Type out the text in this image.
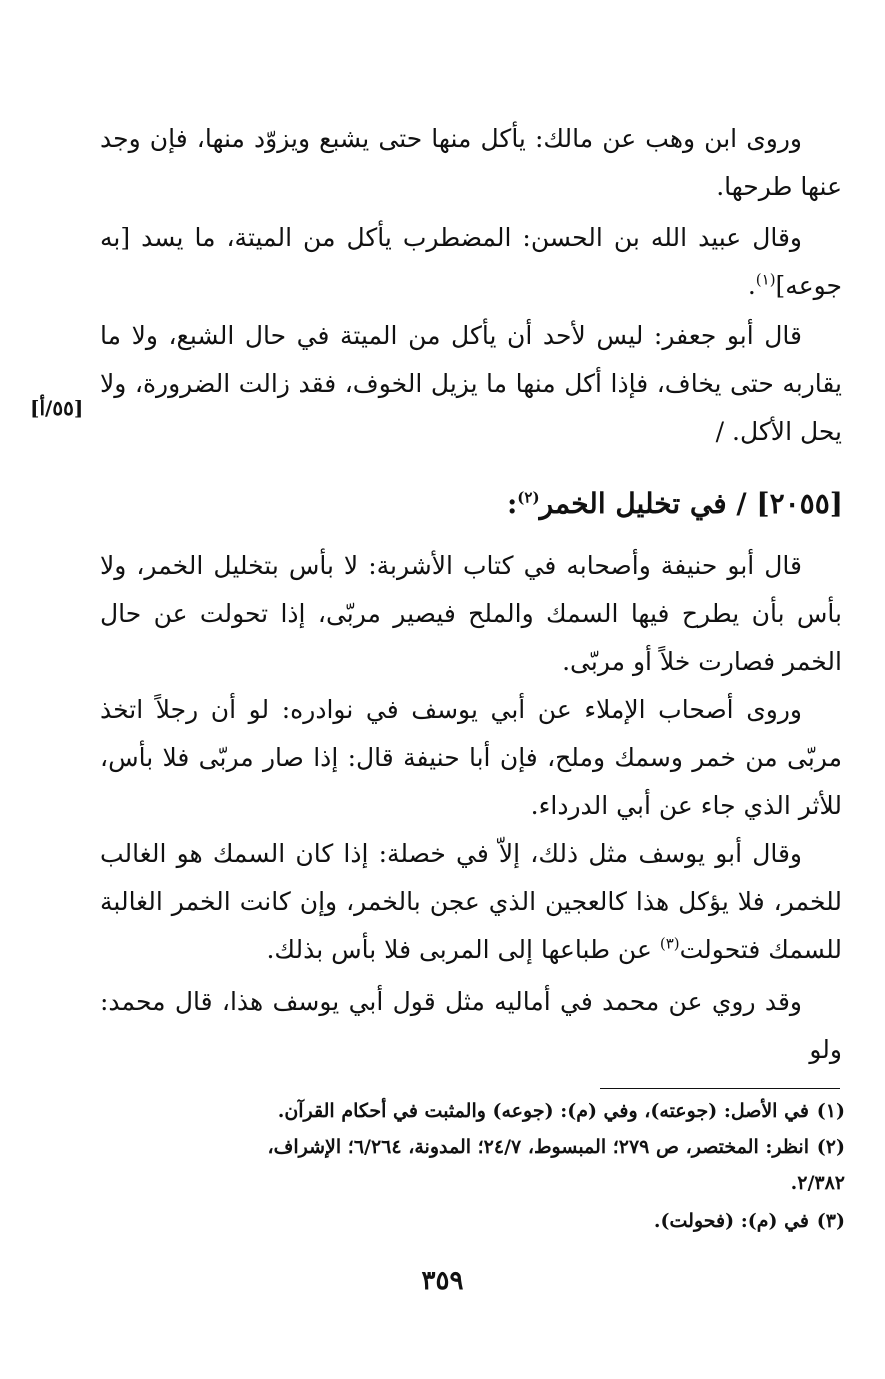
وروى ابن وهب عن مالك: يأكل منها حتى يشبع ويزوّد منها، فإن وجد عنها طرحها.

وقال عبيد الله بن الحسن: المضطرب يأكل من الميتة، ما يسد [به جوعه]$^{(١)}$.

قال أبو جعفر: ليس لأحد أن يأكل من الميتة في حال الشبع، ولا ما يقاربه حتى يخاف، فإذا أكل منها ما يزيل الخوف، فقد زالت الضرورة، ولا يحل الأكل. /

[٥٥/أ]
[٢٠٥٥] / في تخليل الخمر$^{(٢)}$:

قال أبو حنيفة وأصحابه في كتاب الأشربة: لا بأس بتخليل الخمر، ولا بأس بأن يطرح فيها السمك والملح فيصير مربّى، إذا تحولت عن حال الخمر فصارت خلاً أو مربّى.

وروى أصحاب الإملاء عن أبي يوسف في نوادره: لو أن رجلاً اتخذ مربّى من خمر وسمك وملح، فإن أبا حنيفة قال: إذا صار مربّى فلا بأس، للأثر الذي جاء عن أبي الدرداء.

وقال أبو يوسف مثل ذلك، إلاّ في خصلة: إذا كان السمك هو الغالب للخمر، فلا يؤكل هذا كالعجين الذي عجن بالخمر، وإن كانت الخمر الغالبة للسمك فتحولت$^{(٣)}$ عن طباعها إلى المربى فلا بأس بذلك.

وقد روي عن محمد في أماليه مثل قول أبي يوسف هذا، قال محمد: ولو

(١)في الأصل: (جوعته)، وفي (م): (جوعه) والمثبت في أحكام القرآن.

(٢)انظر: المختصر، ص ٢٧٩؛ المبسوط، ٢٤/٧؛ المدونة، ٦/٢٦٤؛ الإشراف،

٢/٣٨٢.

(٣)في (م): (فحولت).

٣٥٩
